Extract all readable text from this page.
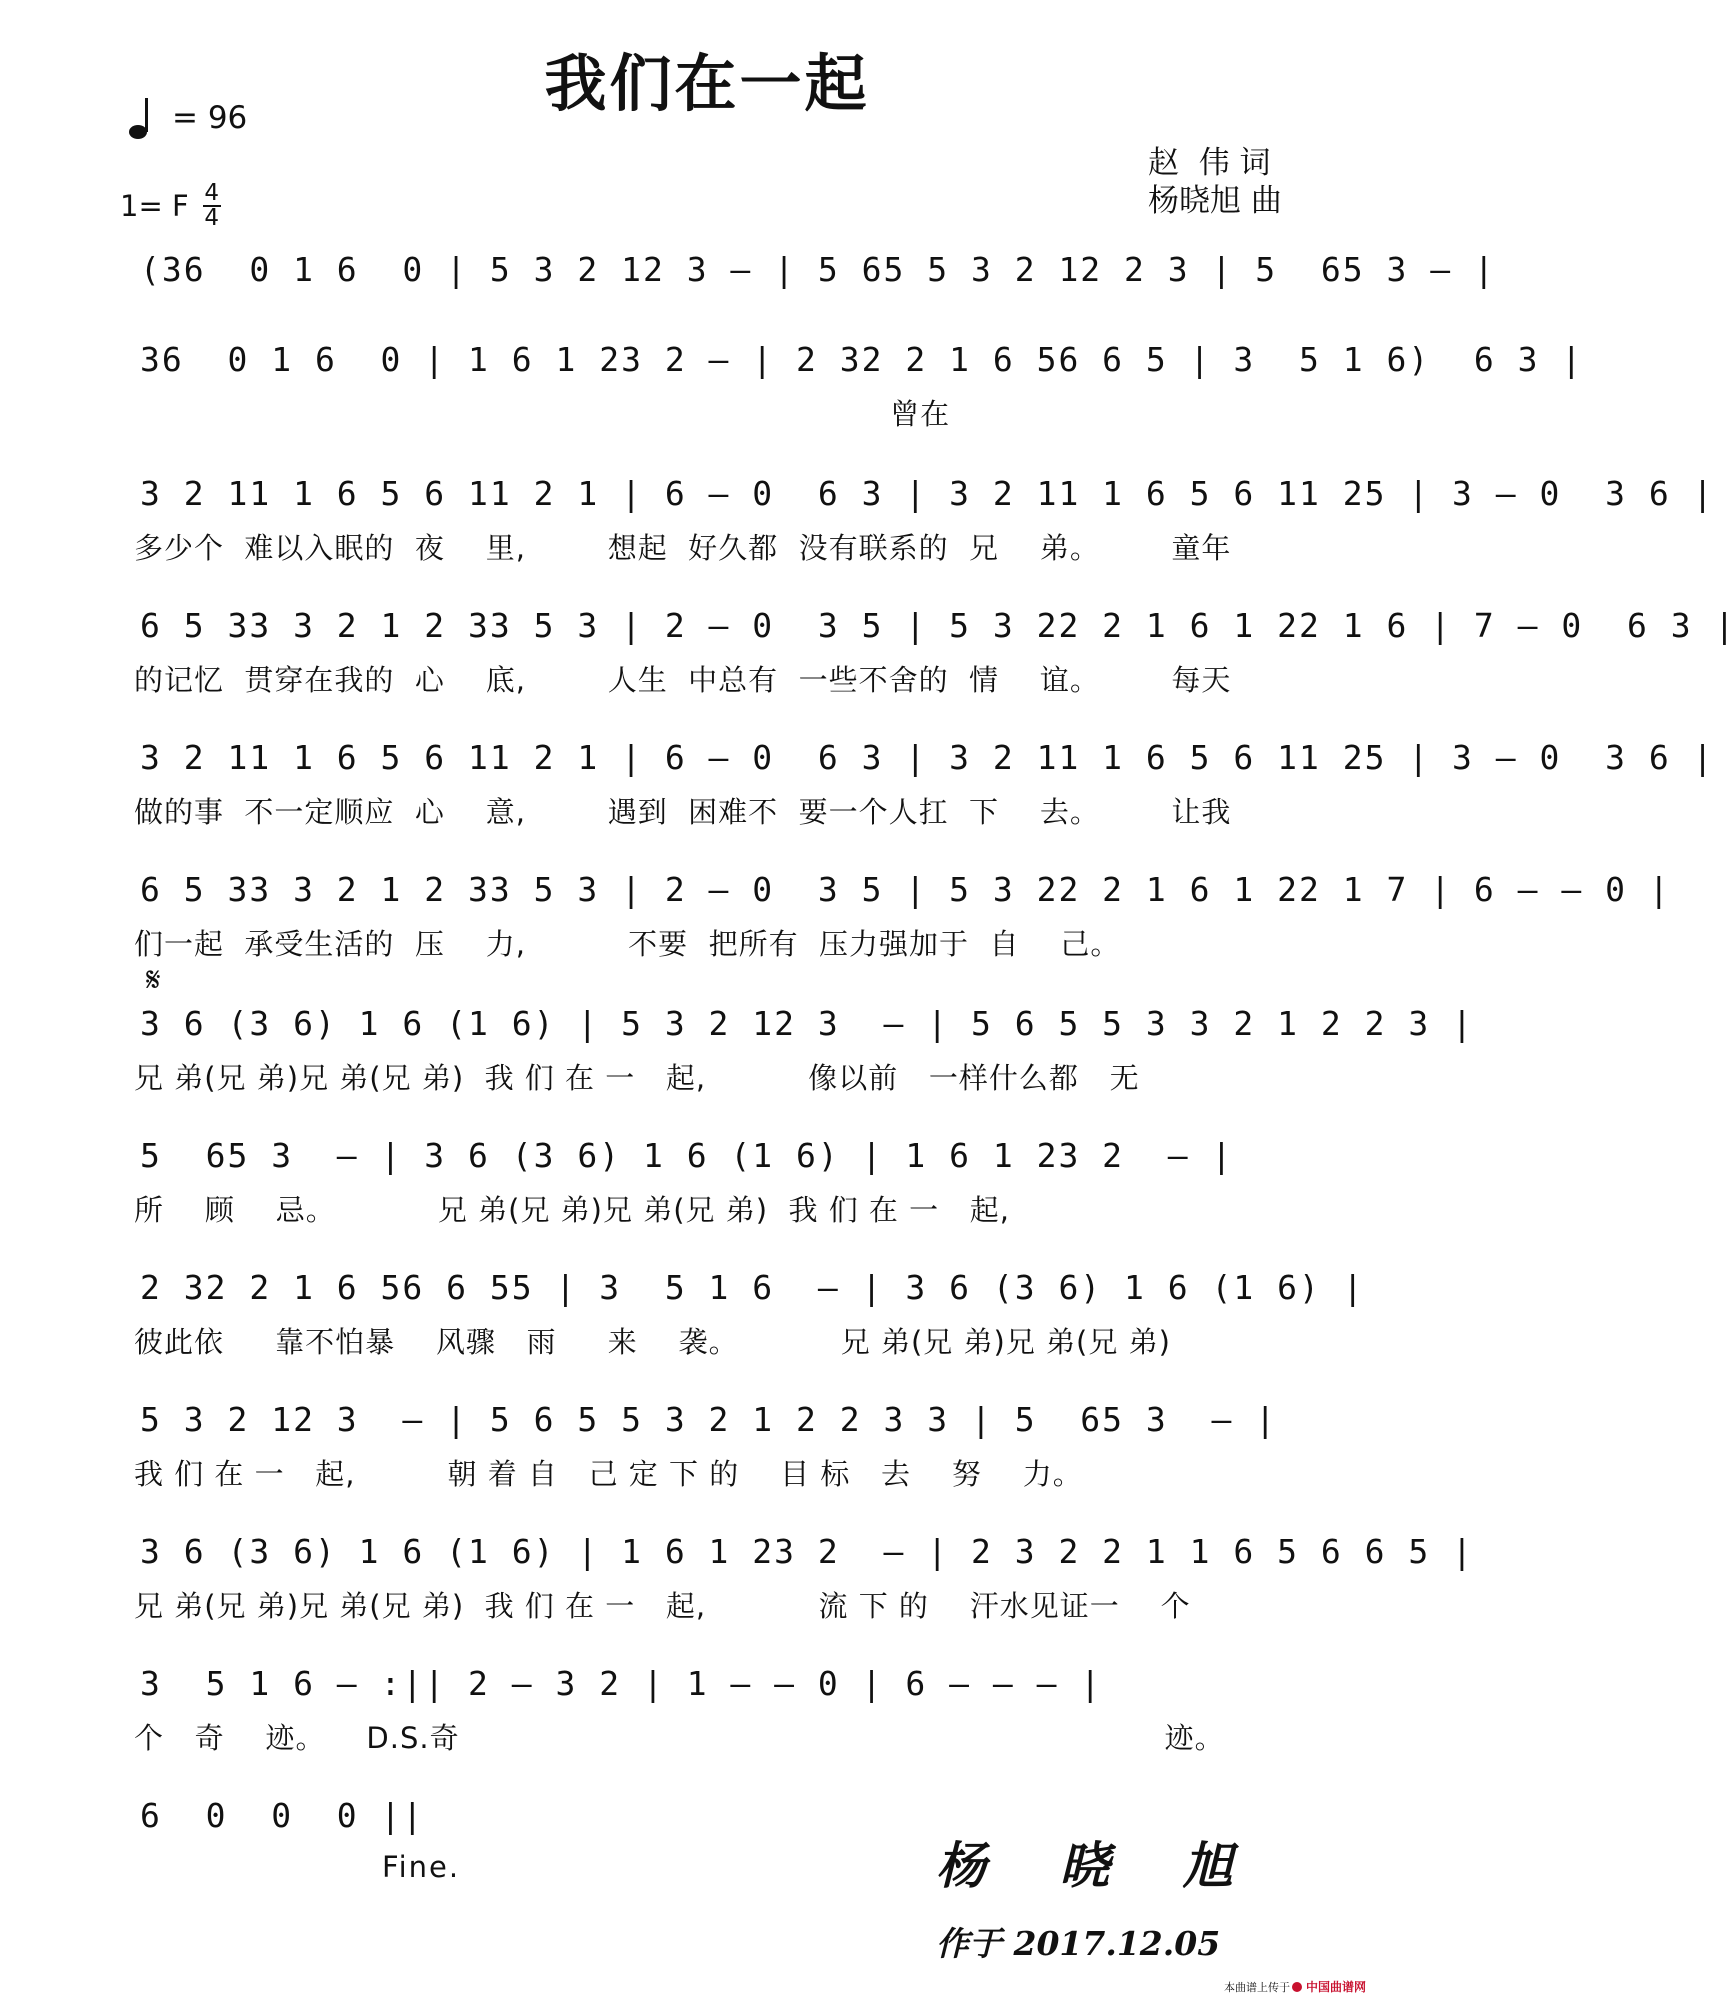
我们在一起
= 96
1= F 4
4
赵  伟 词
杨晓旭 曲
(36  0 1 6  0 | 5 3 2 12 3 – | 5 65 5 3 2 12 2 3 | 5  65 3 – |
36  0 1 6  0 | 1 6 1 23 2 – | 2 32 2 1 6 56 6 5 | 3  5 1 6)  6 3 |
曾在
3 2 11 1 6 5 6 11 2 1 | 6 – 0  6 3 | 3 2 11 1 6 5 6 11 25 | 3 – 0  3 6 |
多少个  难以入眠的  夜    里,        想起  好久都  没有联系的  兄    弟。       童年
6 5 33 3 2 1 2 33 5 3 | 2 – 0  3 5 | 5 3 22 2 1 6 1 22 1 6 | 7 – 0  6 3 |
的记忆  贯穿在我的  心    底,        人生  中总有  一些不舍的  情    谊。       每天
3 2 11 1 6 5 6 11 2 1 | 6 – 0  6 3 | 3 2 11 1 6 5 6 11 25 | 3 – 0  3 6 |
做的事  不一定顺应  心    意,        遇到  困难不  要一个人扛  下    去。       让我
6 5 33 3 2 1 2 33 5 3 | 2 – 0  3 5 | 5 3 22 2 1 6 1 22 1 7 | 6 – – 0 |
们一起  承受生活的  压    力,          不要  把所有  压力强加于  自    己。
𝄋
3 6 (3 6) 1 6 (1 6) | 5 3 2 12 3  – | 5 6 5 5 3 3 2 1 2 2 3 |
兄 弟(兄 弟)兄 弟(兄 弟)  我 们 在 一   起,          像以前   一样什么都   无
5  65 3  – | 3 6 (3 6) 1 6 (1 6) | 1 6 1 23 2  – |
所    顾    忌。          兄 弟(兄 弟)兄 弟(兄 弟)  我 们 在 一   起,
2 32 2 1 6 56 6 55 | 3  5 1 6  – | 3 6 (3 6) 1 6 (1 6) |
彼此依     靠不怕暴    风骤   雨     来    袭。          兄 弟(兄 弟)兄 弟(兄 弟)
5 3 2 12 3  – | 5 6 5 5 3 2 1 2 2 3 3 | 5  65 3  – |
我 们 在 一   起,         朝 着 自   己 定 下 的    目 标   去    努    力。
3 6 (3 6) 1 6 (1 6) | 1 6 1 23 2  – | 2 3 2 2 1 1 6 5 6 6 5 |
兄 弟(兄 弟)兄 弟(兄 弟)  我 们 在 一   起,           流 下 的    汗水见证一    个
3  5 1 6 – :|| 2 – 3 2 | 1 – – 0 | 6 – – – |
个   奇    迹。    D.S.奇                                                                     迹。
6  0  0  0 ||
Fine.	杨 晓 旭
作于 2017.12.05
本曲谱上传于 中国曲谱网
